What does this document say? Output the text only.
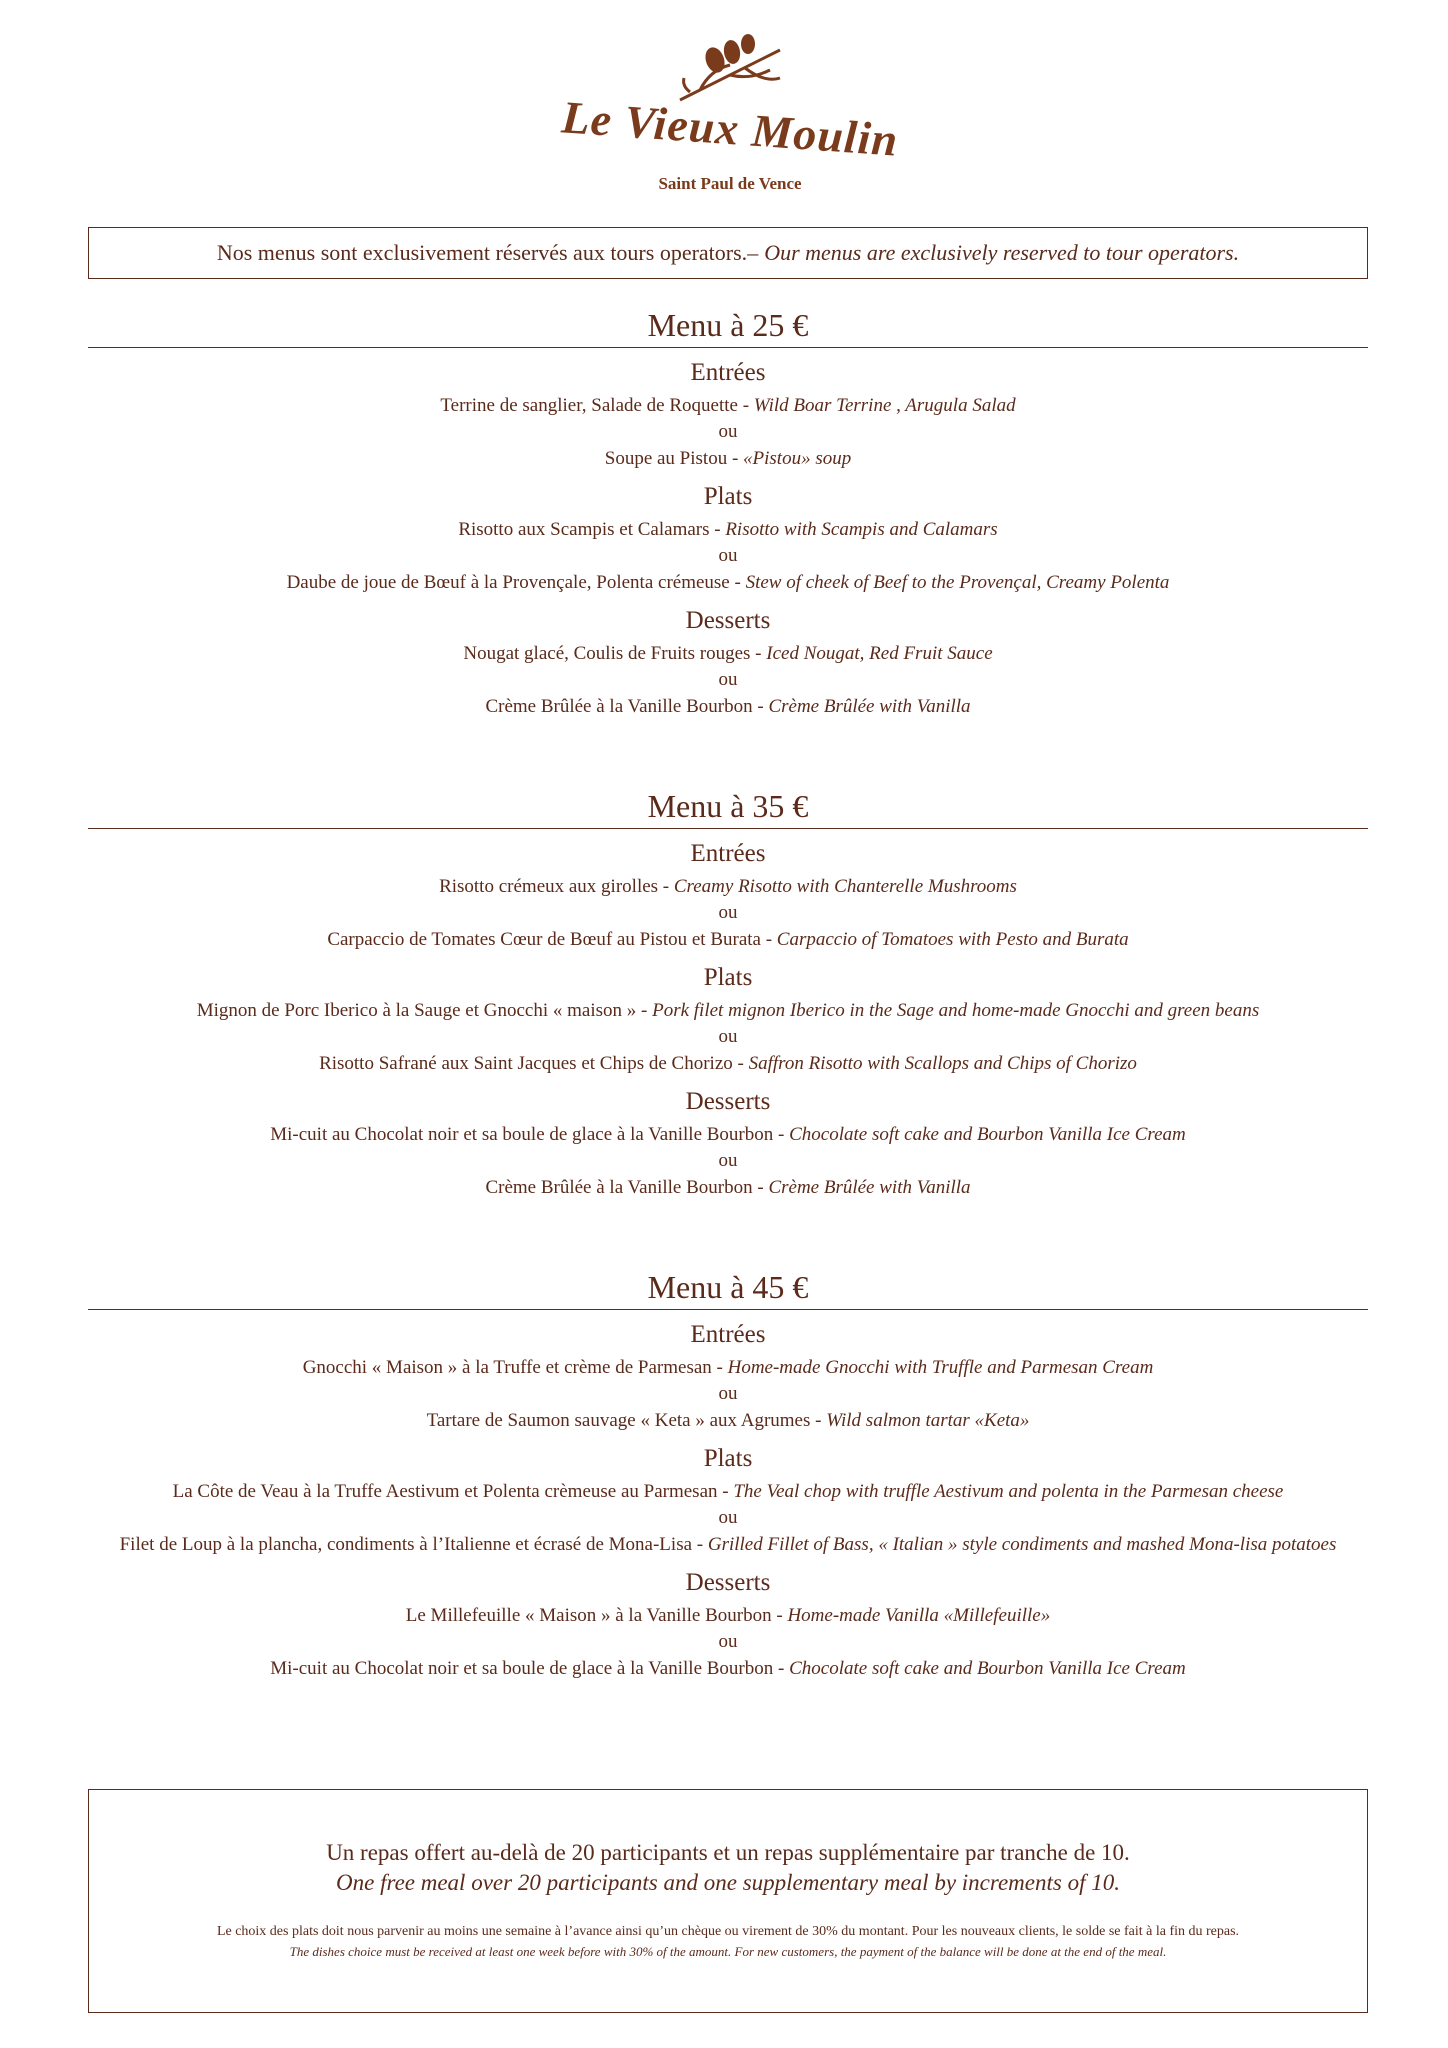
Le Vieux Moulin
Saint Paul de Vence
Nos menus sont exclusivement réservés aux tours operators. – Our menus are exclusively reserved to tour operators.
Menu à 25 €
Entrées
Terrine de sanglier, Salade de Roquette - Wild Boar Terrine , Arugula Salad
ou
Soupe au Pistou - «Pistou» soup
Plats
Risotto aux Scampis et Calamars - Risotto with Scampis and Calamars
ou
Daube de joue de Bœuf à la Provençale, Polenta crémeuse - Stew of cheek of Beef to the Provençal, Creamy Polenta
Desserts
Nougat glacé, Coulis de Fruits rouges - Iced Nougat, Red Fruit Sauce
ou
Crème Brûlée à la Vanille Bourbon - Crème Brûlée with Vanilla
Menu à 35 €
Entrées
Risotto crémeux aux girolles - Creamy Risotto with Chanterelle Mushrooms
ou
Carpaccio de Tomates Cœur de Bœuf au Pistou et Burata - Carpaccio of Tomatoes with Pesto and Burata
Plats
Mignon de Porc Iberico à la Sauge et Gnocchi « maison » - Pork filet mignon Iberico in the Sage and home-made Gnocchi and green beans
ou
Risotto Safrané aux Saint Jacques et Chips de Chorizo - Saffron Risotto with Scallops and Chips of Chorizo
Desserts
Mi-cuit au Chocolat noir et sa boule de glace à la Vanille Bourbon - Chocolate soft cake and Bourbon Vanilla Ice Cream
ou
Crème Brûlée à la Vanille Bourbon - Crème Brûlée with Vanilla
Menu à 45 €
Entrées
Gnocchi « Maison » à la Truffe et crème de Parmesan - Home-made Gnocchi with Truffle and Parmesan Cream
ou
Tartare de Saumon sauvage « Keta » aux Agrumes - Wild salmon tartar «Keta»
Plats
La Côte de Veau à la Truffe Aestivum et Polenta crèmeuse au Parmesan - The Veal chop with truffle Aestivum and polenta in the Parmesan cheese
ou
Filet de Loup à la plancha, condiments à l’Italienne et écrasé de Mona-Lisa - Grilled Fillet of Bass, « Italian » style condiments and mashed Mona-lisa potatoes
Desserts
Le Millefeuille « Maison » à la Vanille Bourbon - Home-made Vanilla «Millefeuille»
ou
Mi-cuit au Chocolat noir et sa boule de glace à la Vanille Bourbon - Chocolate soft cake and Bourbon Vanilla Ice Cream
Un repas offert au-delà de 20 participants et un repas supplémentaire par tranche de 10.
One free meal over 20 participants and one supplementary meal by increments of 10.
Le choix des plats doit nous parvenir au moins une semaine à l’avance ainsi qu’un chèque ou virement de 30% du montant. Pour les nouveaux clients, le solde se fait à la fin du repas.
The dishes choice must be received at least one week before with 30% of the amount. For new customers, the payment of the balance will be done at the end of the meal.
